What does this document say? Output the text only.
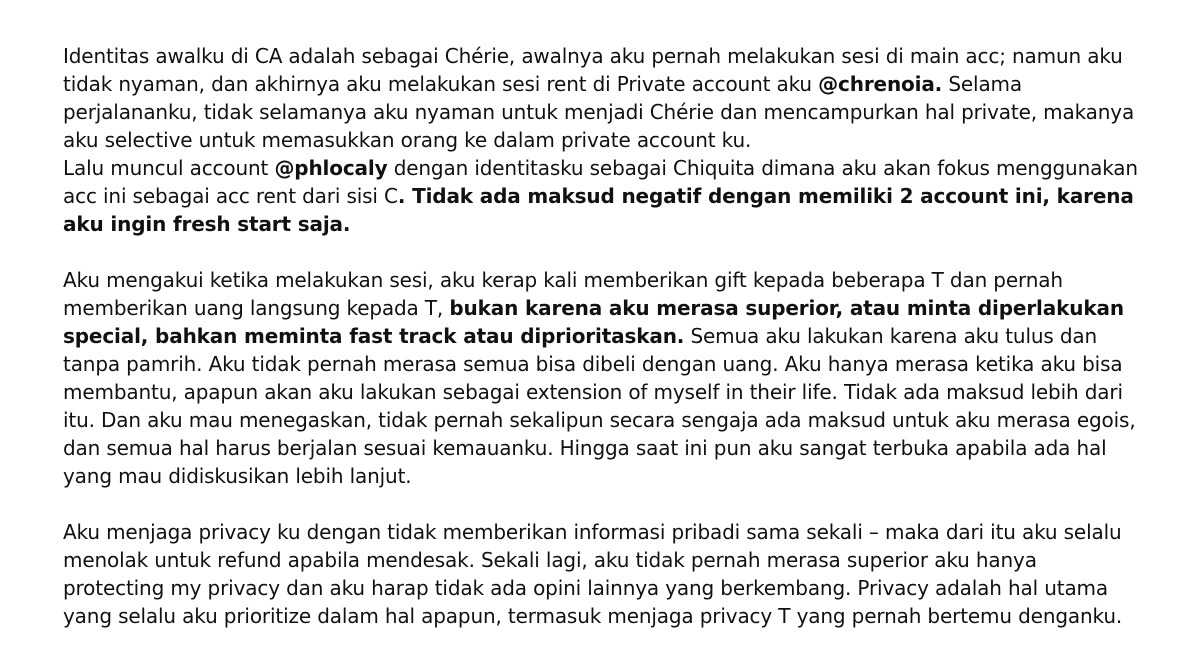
Identitas awalku di CA adalah sebagai Chérie, awalnya aku pernah melakukan sesi di main acc; namun aku tidak nyaman, dan akhirnya aku melakukan sesi rent di Private account aku @chrenoia. Selama perjalananku, tidak selamanya aku nyaman untuk menjadi Chérie dan mencampurkan hal private, makanya aku selective untuk memasukkan orang ke dalam private account ku.
Lalu muncul account @phlocaly dengan identitasku sebagai Chiquita dimana aku akan fokus menggunakan acc ini sebagai acc rent dari sisi C. Tidak ada maksud negatif dengan memiliki 2 account ini, karena aku ingin fresh start saja.

Aku mengakui ketika melakukan sesi, aku kerap kali memberikan gift kepada beberapa T dan pernah memberikan uang langsung kepada T, bukan karena aku merasa superior, atau minta diperlakukan special, bahkan meminta fast track atau diprioritaskan. Semua aku lakukan karena aku tulus dan tanpa pamrih. Aku tidak pernah merasa semua bisa dibeli dengan uang. Aku hanya merasa ketika aku bisa membantu, apapun akan aku lakukan sebagai extension of myself in their life. Tidak ada maksud lebih dari itu. Dan aku mau menegaskan, tidak pernah sekalipun secara sengaja ada maksud untuk aku merasa egois, dan semua hal harus berjalan sesuai kemauanku. Hingga saat ini pun aku sangat terbuka apabila ada hal yang mau didiskusikan lebih lanjut.

Aku menjaga privacy ku dengan tidak memberikan informasi pribadi sama sekali – maka dari itu aku selalu menolak untuk refund apabila mendesak. Sekali lagi, aku tidak pernah merasa superior aku hanya protecting my privacy dan aku harap tidak ada opini lainnya yang berkembang. Privacy adalah hal utama yang selalu aku prioritize dalam hal apapun, termasuk menjaga privacy T yang pernah bertemu denganku.
